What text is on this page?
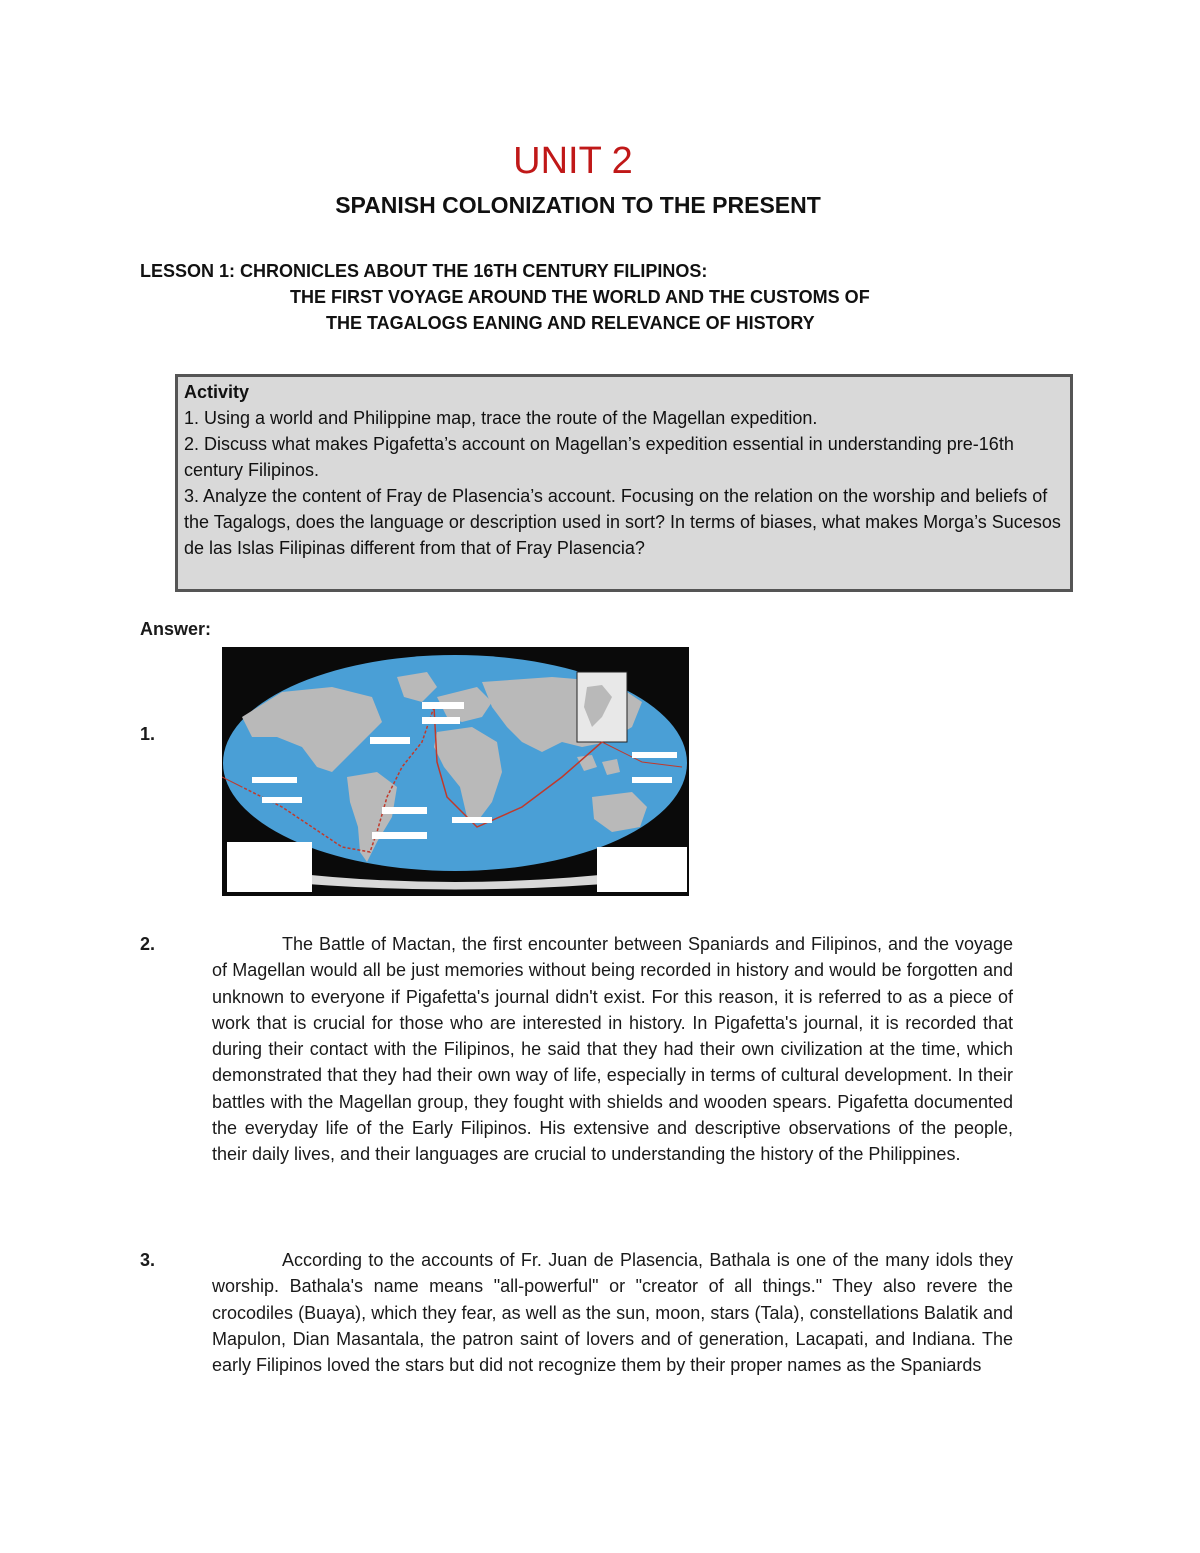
UNIT 2
SPANISH COLONIZATION TO THE PRESENT
LESSON 1: CHRONICLES ABOUT THE 16TH CENTURY FILIPINOS:
THE FIRST VOYAGE AROUND THE WORLD AND THE CUSTOMS OF
THE TAGALOGS EANING AND RELEVANCE OF HISTORY
Activity
1. Using a world and Philippine map, trace the route of the Magellan expedition.
2. Discuss what makes Pigafetta’s account on Magellan’s expedition essential in understanding pre-16th century Filipinos.
3. Analyze the content of Fray de Plasencia’s account. Focusing on the relation on the worship and beliefs of the Tagalogs, does the language or description used in sort? In terms of biases, what makes Morga’s Sucesos de las Islas Filipinas different from that of Fray Plasencia?
Answer:
1.
2.	The Battle of Mactan, the first encounter between Spaniards and Filipinos, and the voyage of Magellan would all be just memories without being recorded in history and would be forgotten and unknown to everyone if Pigafetta's journal didn't exist. For this reason, it is referred to as a piece of work that is crucial for those who are interested in history. In Pigafetta's journal, it is recorded that during their contact with the Filipinos, he said that they had their own civilization at the time, which demonstrated that they had their own way of life, especially in terms of cultural development. In their battles with the Magellan group, they fought with shields and wooden spears. Pigafetta documented the everyday life of the Early Filipinos. His extensive and descriptive observations of the people, their daily lives, and their languages are crucial to understanding the history of the Philippines.
3.	According to the accounts of Fr. Juan de Plasencia, Bathala is one of the many idols they worship. Bathala's name means "all-powerful" or "creator of all things." They also revere the crocodiles (Buaya), which they fear, as well as the sun, moon, stars (Tala), constellations Balatik and Mapulon, Dian Masantala, the patron saint of lovers and of generation, Lacapati, and Indiana. The early Filipinos loved the stars but did not recognize them by their proper names as the Spaniards
